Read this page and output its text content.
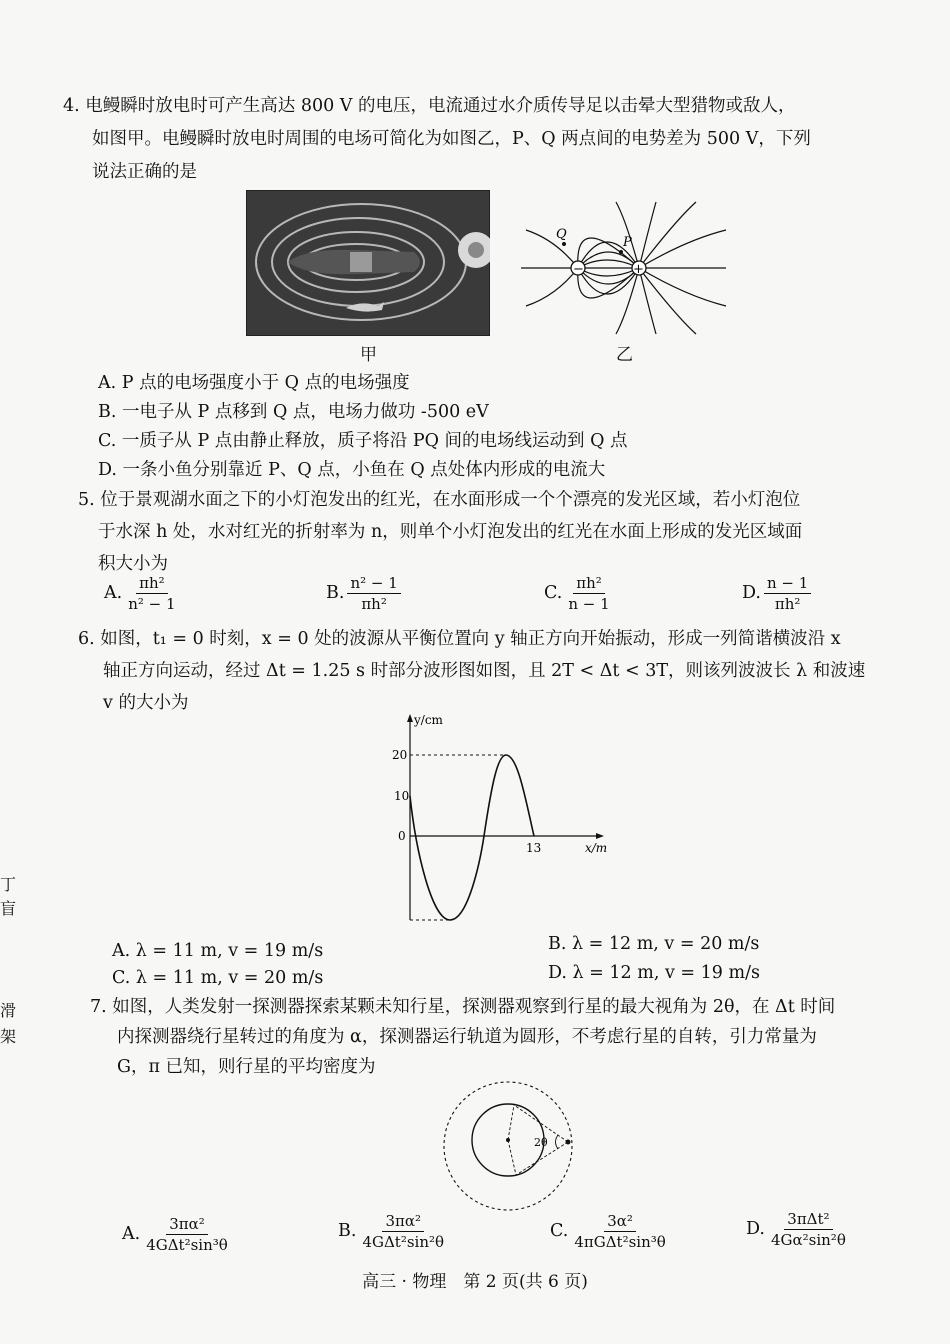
4. 电鳗瞬时放电时可产生高达 800 V 的电压，电流通过水介质传导足以击晕大型猎物或敌人，
如图甲。电鳗瞬时放电时周围的电场可简化为如图乙，P、Q 两点间的电势差为 500 V，下列
说法正确的是
甲
Q
P
−	+
乙
A. P 点的电场强度小于 Q 点的电场强度
B. 一电子从 P 点移到 Q 点，电场力做功 -500 eV
C. 一质子从 P 点由静止释放，质子将沿 PQ 间的电场线运动到 Q 点
D. 一条小鱼分别靠近 P、Q 点，小鱼在 Q 点处体内形成的电流大
5. 位于景观湖水面之下的小灯泡发出的红光，在水面形成一个个漂亮的发光区域，若小灯泡位
于水深 h 处，水对红光的折射率为 n，则单个小灯泡发出的红光在水面上形成的发光区域面
积大小为
A. $\frac{\text{πh²}}{\text{n² − 1}}$	B. $\frac{\text{n² − 1}}{\text{πh²}}$	C. $\frac{\text{πh²}}{n - 1}$	D. $\frac{n - 1}{\text{πh²}}$
6. 如图，t₁ = 0 时刻，x = 0 处的波源从平衡位置向 y 轴正方向开始振动，形成一列简谐横波沿 x
轴正方向运动，经过 Δt = 1.25 s 时部分波形图如图，且 2T < Δt < 3T，则该列波波长 λ 和波速
v 的大小为
y/cm
x/m
20
10
0
13
A. λ = 11 m, v = 19 m/s	B. λ = 12 m, v = 20 m/s
C. λ = 11 m, v = 20 m/s	D. λ = 12 m, v = 19 m/s
7. 如图，人类发射一探测器探索某颗未知行星，探测器观察到行星的最大视角为 2θ，在 Δt 时间
内探测器绕行星转过的角度为 α，探测器运行轨道为圆形，不考虑行星的自转，引力常量为
G，π 已知，则行星的平均密度为
2θ
A. $\frac{\text{3πα²}}{\text{4GΔt²sin³θ}}$	B. $\frac{\text{3πα²}}{\text{4GΔt²sin²θ}}$	C. $\frac{\text{3α²}}{\text{4πGΔt²sin³θ}}$	D. $\frac{\text{3πΔt²}}{\text{4Gα²sin²θ}}$
丁
盲
滑
架
高三 · 物理　第 2 页(共 6 页)
